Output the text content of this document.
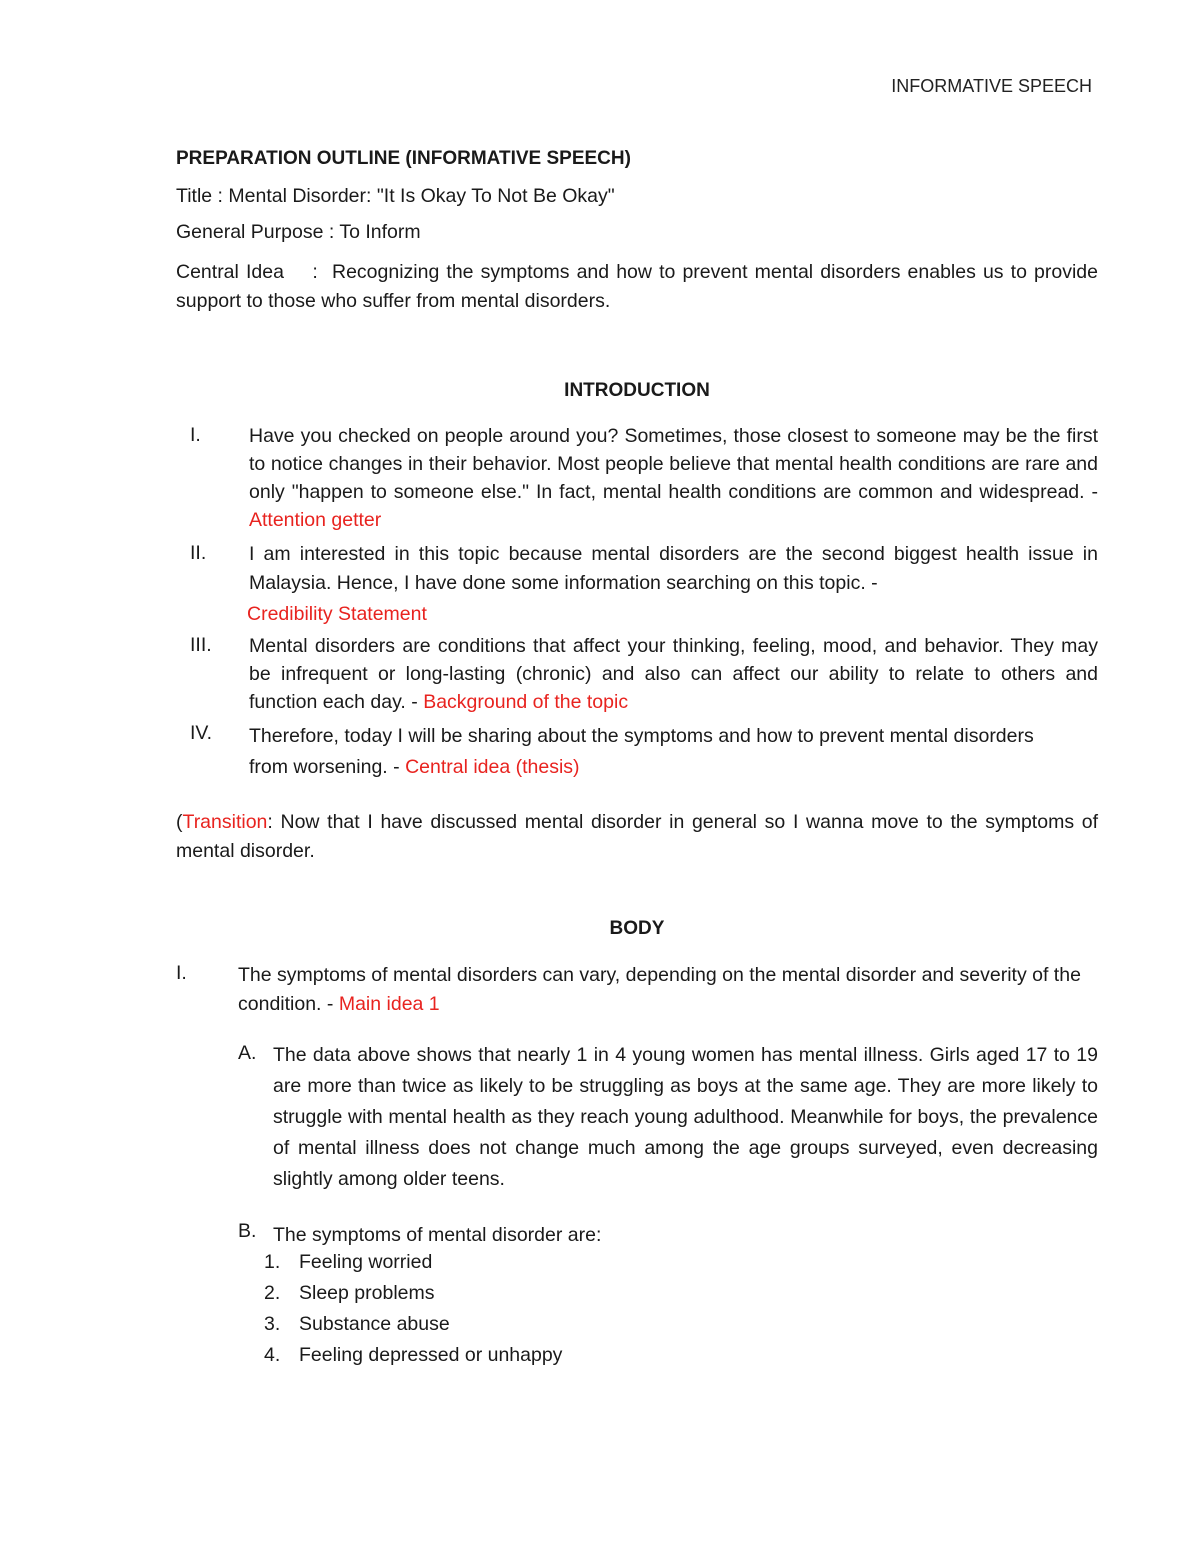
INFORMATIVE SPEECH
PREPARATION OUTLINE (INFORMATIVE SPEECH)
Title : Mental Disorder: "It Is Okay To Not Be Okay"
General Purpose : To Inform
Central Idea    :  Recognizing the symptoms and how to prevent mental disorders enables us to provide support to those who suffer from mental disorders.
INTRODUCTION
I. Have you checked on people around you? Sometimes, those closest to someone may be the first to notice changes in their behavior. Most people believe that mental health conditions are rare and only "happen to someone else." In fact, mental health conditions are common and widespread. - Attention getter
II. I am interested in this topic because mental disorders are the second biggest health issue in Malaysia. Hence, I have done some information searching on this topic. -
Credibility Statement
III. Mental disorders are conditions that affect your thinking, feeling, mood, and behavior. They may be infrequent or long-lasting (chronic) and also can affect our ability to relate to others and function each day. - Background of the topic
IV. Therefore, today I will be sharing about the symptoms and how to prevent mental disorders from worsening. - Central idea (thesis)
(Transition: Now that I have discussed mental disorder in general so I wanna move to the symptoms of mental disorder.
BODY
I.	The symptoms of mental disorders can vary, depending on the mental disorder and severity of the condition. - Main idea 1
A. The data above shows that nearly 1 in 4 young women has mental illness. Girls aged 17 to 19 are more than twice as likely to be struggling as boys at the same age. They are more likely to struggle with mental health as they reach young adulthood. Meanwhile for boys, the prevalence of mental illness does not change much among the age groups surveyed, even decreasing slightly among older teens.
B. The symptoms of mental disorder are:
1. Feeling worried
2. Sleep problems
3. Substance abuse
4. Feeling depressed or unhappy
